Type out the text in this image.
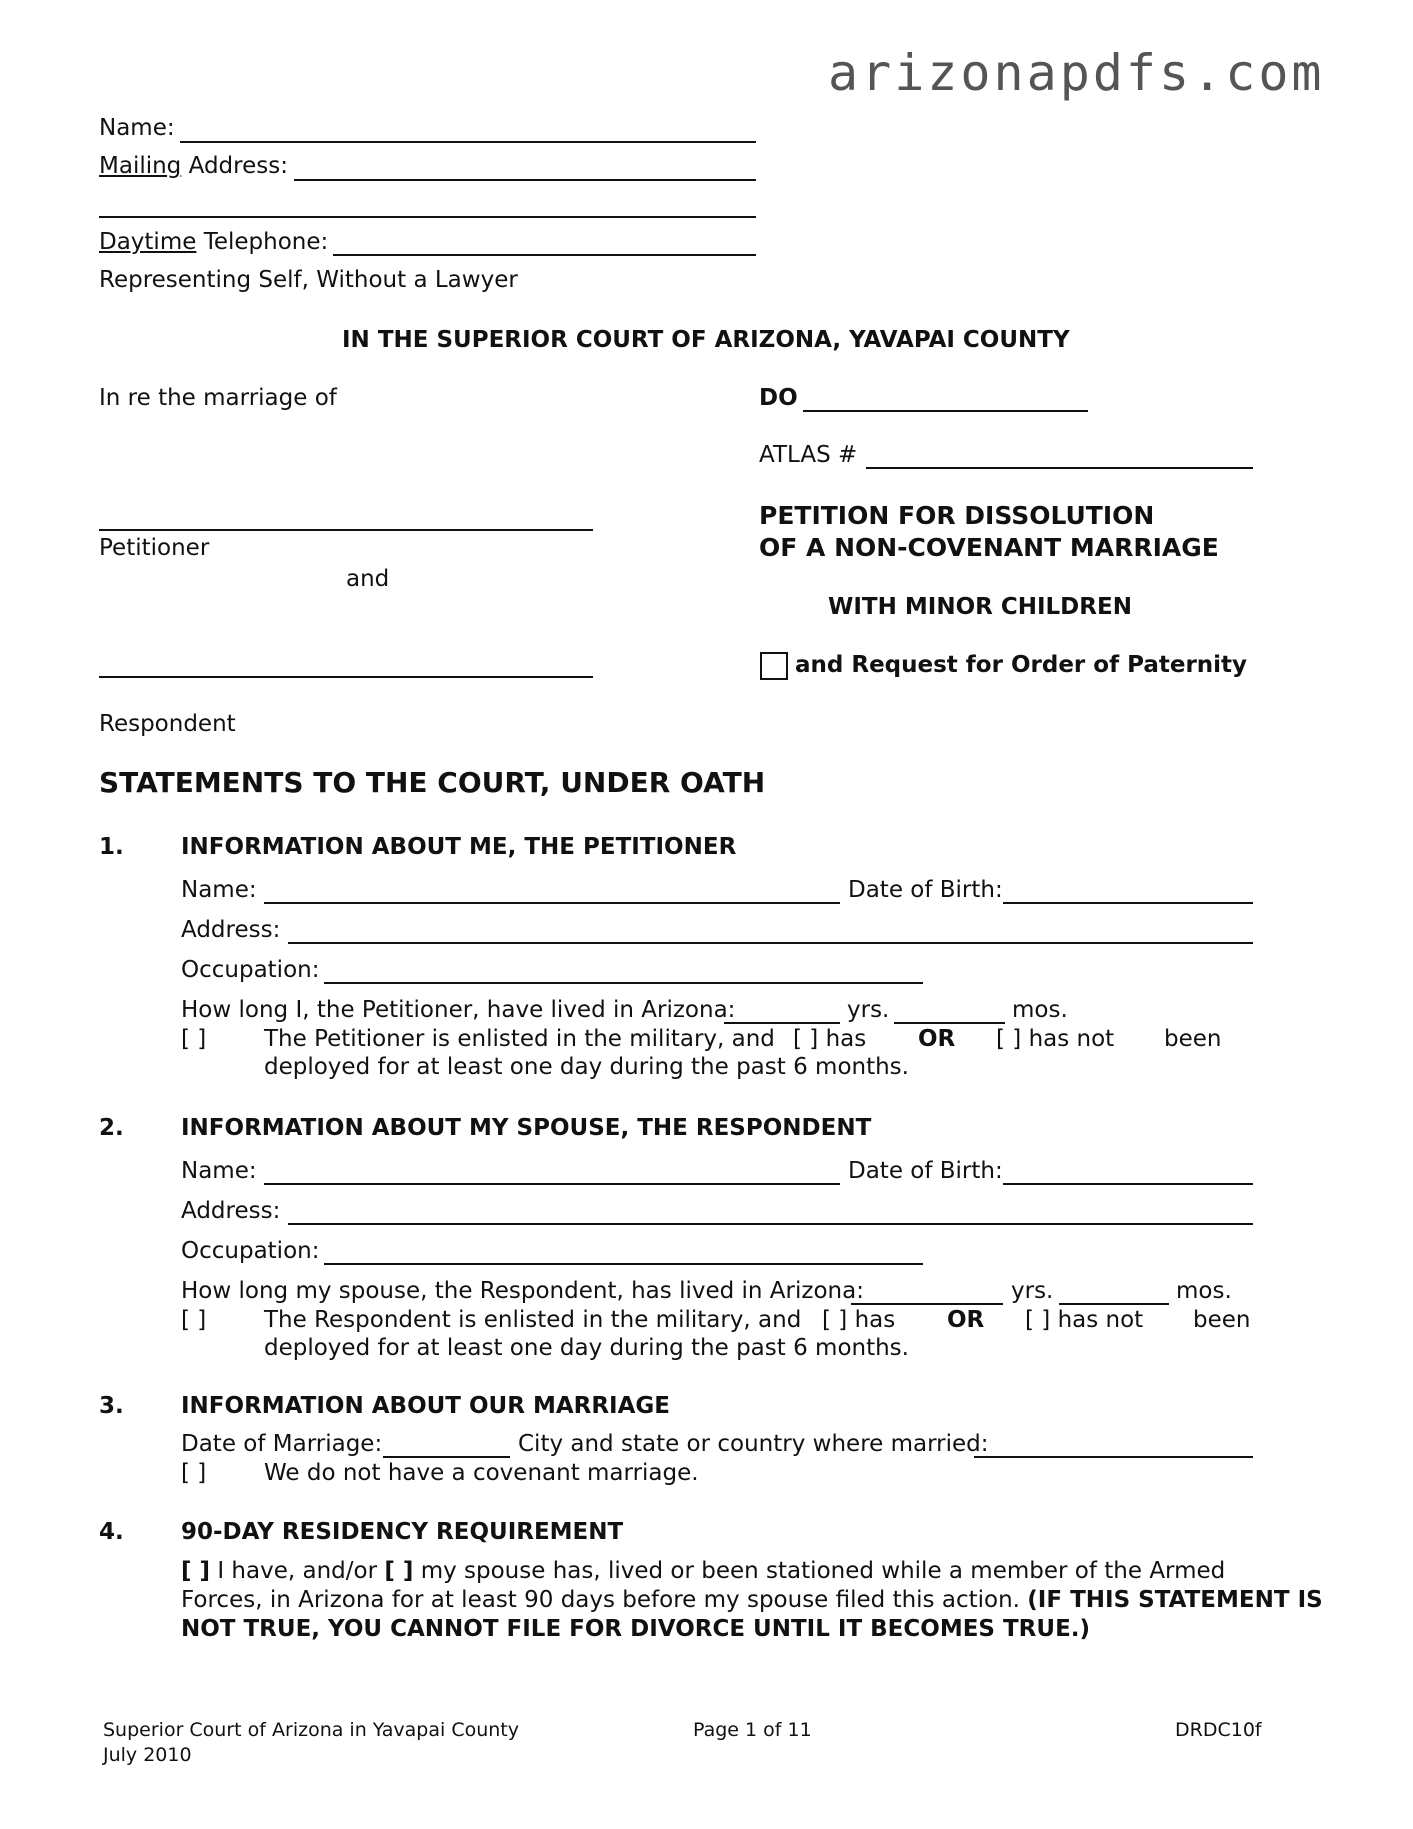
arizonapdfs.com
Name:
Mailing Address:
Daytime Telephone:
Representing Self, Without a Lawyer
IN THE SUPERIOR COURT OF ARIZONA, YAVAPAI COUNTY
In re the marriage of
Petitioner
and
Respondent
DO
ATLAS #
PETITION FOR DISSOLUTION
OF A NON-COVENANT MARRIAGE
WITH MINOR CHILDREN
and Request for Order of Paternity
STATEMENTS TO THE COURT, UNDER OATH
1. INFORMATION ABOUT ME, THE PETITIONER
Name:	Date of Birth:
Address:
Occupation:
How long I, the Petitioner, have lived in Arizona:	yrs.	mos.
[ ]	The Petitioner is enlisted in the military, and [ ] has OR [ ] has not been
deployed for at least one day during the past 6 months.
2. INFORMATION ABOUT MY SPOUSE, THE RESPONDENT
Name:	Date of Birth:
Address:
Occupation:
How long my spouse, the Respondent, has lived in Arizona:	yrs.	mos.
[ ]	The Respondent is enlisted in the military, and [ ] has OR [ ] has not been
deployed for at least one day during the past 6 months.
3. INFORMATION ABOUT OUR MARRIAGE
Date of Marriage:	City and state or country where married:
[ ]	We do not have a covenant marriage.
4. 90-DAY RESIDENCY REQUIREMENT
[ ] I have, and/or [ ] my spouse has, lived or been stationed while a member of the Armed
Forces, in Arizona for at least 90 days before my spouse filed this action. (IF THIS STATEMENT IS
NOT TRUE, YOU CANNOT FILE FOR DIVORCE UNTIL IT BECOMES TRUE.)
Superior Court of Arizona in Yavapai County
July 2010
Page 1 of 11	DRDC10f
